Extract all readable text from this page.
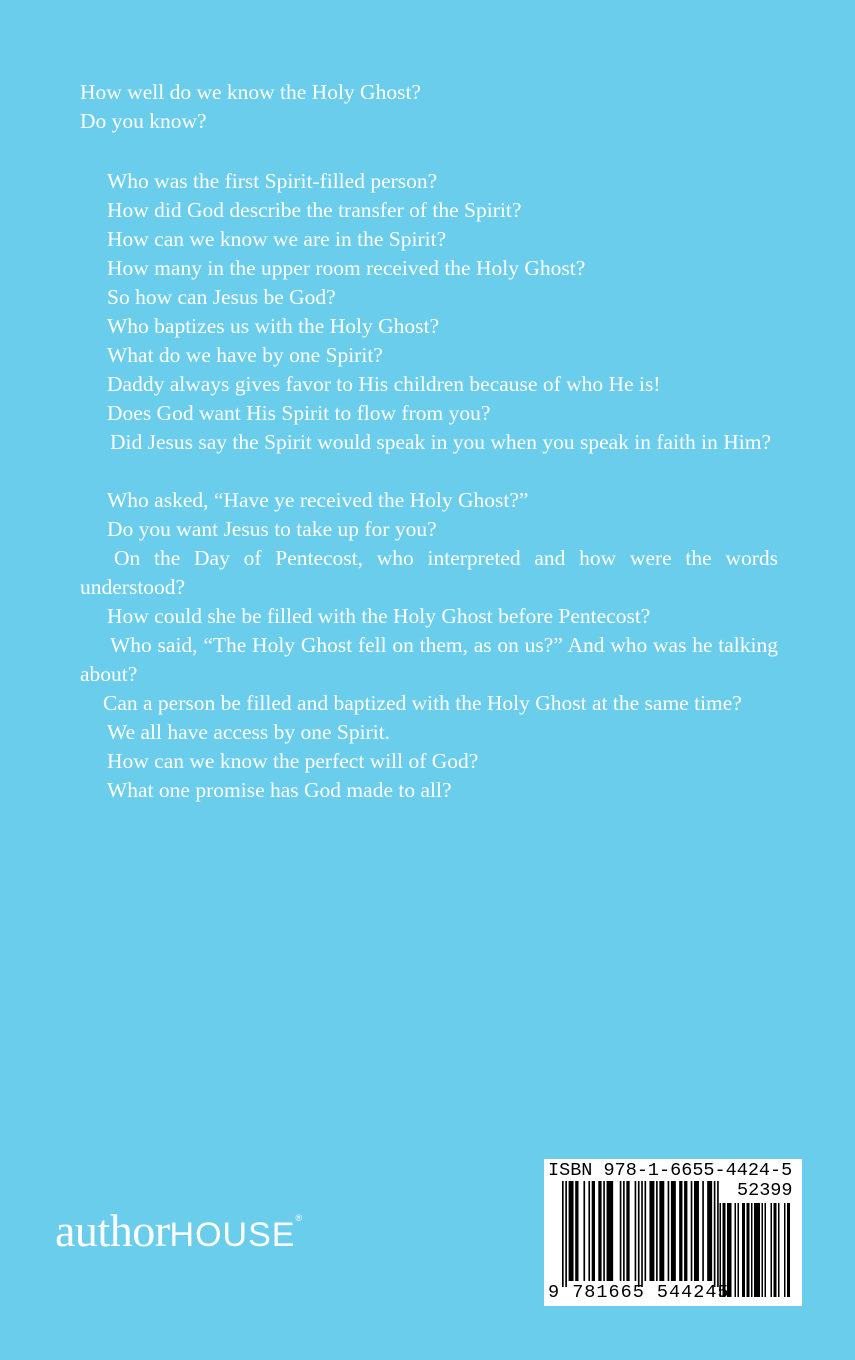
How well do we know the Holy Ghost?
Do you know?
Who was the first Spirit-filled person?
How did God describe the transfer of the Spirit?
How can we know we are in the Spirit?
How many in the upper room received the Holy Ghost?
So how can Jesus be God?
Who baptizes us with the Holy Ghost?
What do we have by one Spirit?
Daddy always gives favor to His children because of who He is!
Does God want His Spirit to flow from you?
Did Jesus say the Spirit would speak in you when you speak in faith in Him?
Who asked, “Have ye received the Holy Ghost?”
Do you want Jesus to take up for you?
On the Day of Pentecost, who interpreted and how were the words understood?
How could she be filled with the Holy Ghost before Pentecost?
Who said, “The Holy Ghost fell on them, as on us?” And who was he talking about?
Can a person be filled and baptized with the Holy Ghost at the same time?
We all have access by one Spirit.
How can we know the perfect will of God?
What one promise has God made to all?
authorHOUSE®
ISBN 978-1-6655-4424-5
52399
9 781665 544245
